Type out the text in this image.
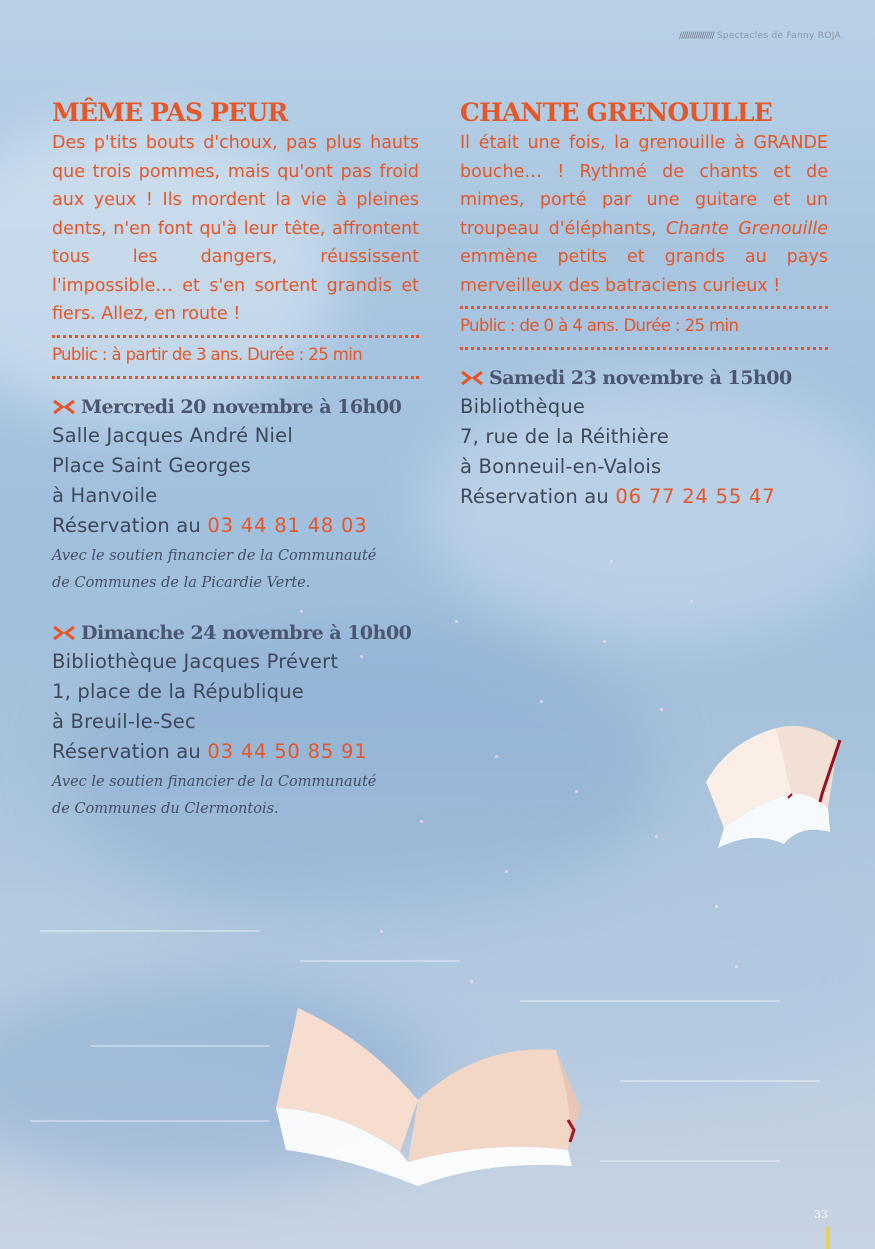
///////////////// Spectacles de Fanny ROJA
MÊME PAS PEUR

Des p'tits bouts d'choux, pas plus hauts que trois pommes, mais qu'ont pas froid aux yeux ! Ils mordent la vie à pleines dents, n'en font qu'à leur tête, affrontent tous les dangers, réussissent l'impossible… et s'en sortent grandis et fiers. Allez, en route !

Public : à partir de 3 ans. Durée : 25 min
Mercredi 20 novembre à 16h00
Salle Jacques André Niel
Place Saint Georges
à Hanvoile
Réservation au 03 44 81 48 03
Avec le soutien financier de la Communauté
de Communes de la Picardie Verte.
Dimanche 24 novembre à 10h00
Bibliothèque Jacques Prévert
1, place de la République
à Breuil-le-Sec
Réservation au 03 44 50 85 91
Avec le soutien financier de la Communauté
de Communes du Clermontois.
CHANTE GRENOUILLE

Il était une fois, la grenouille à GRANDE bouche… ! Rythmé de chants et de mimes, porté par une guitare et un troupeau d'éléphants, Chante Grenouille emmène petits et grands au pays merveilleux des batraciens curieux !

Public : de 0 à 4 ans. Durée : 25 min
Samedi 23 novembre à 15h00
Bibliothèque
7, rue de la Réithière
à Bonneuil-en-Valois
Réservation au 06 77 24 55 47
33
